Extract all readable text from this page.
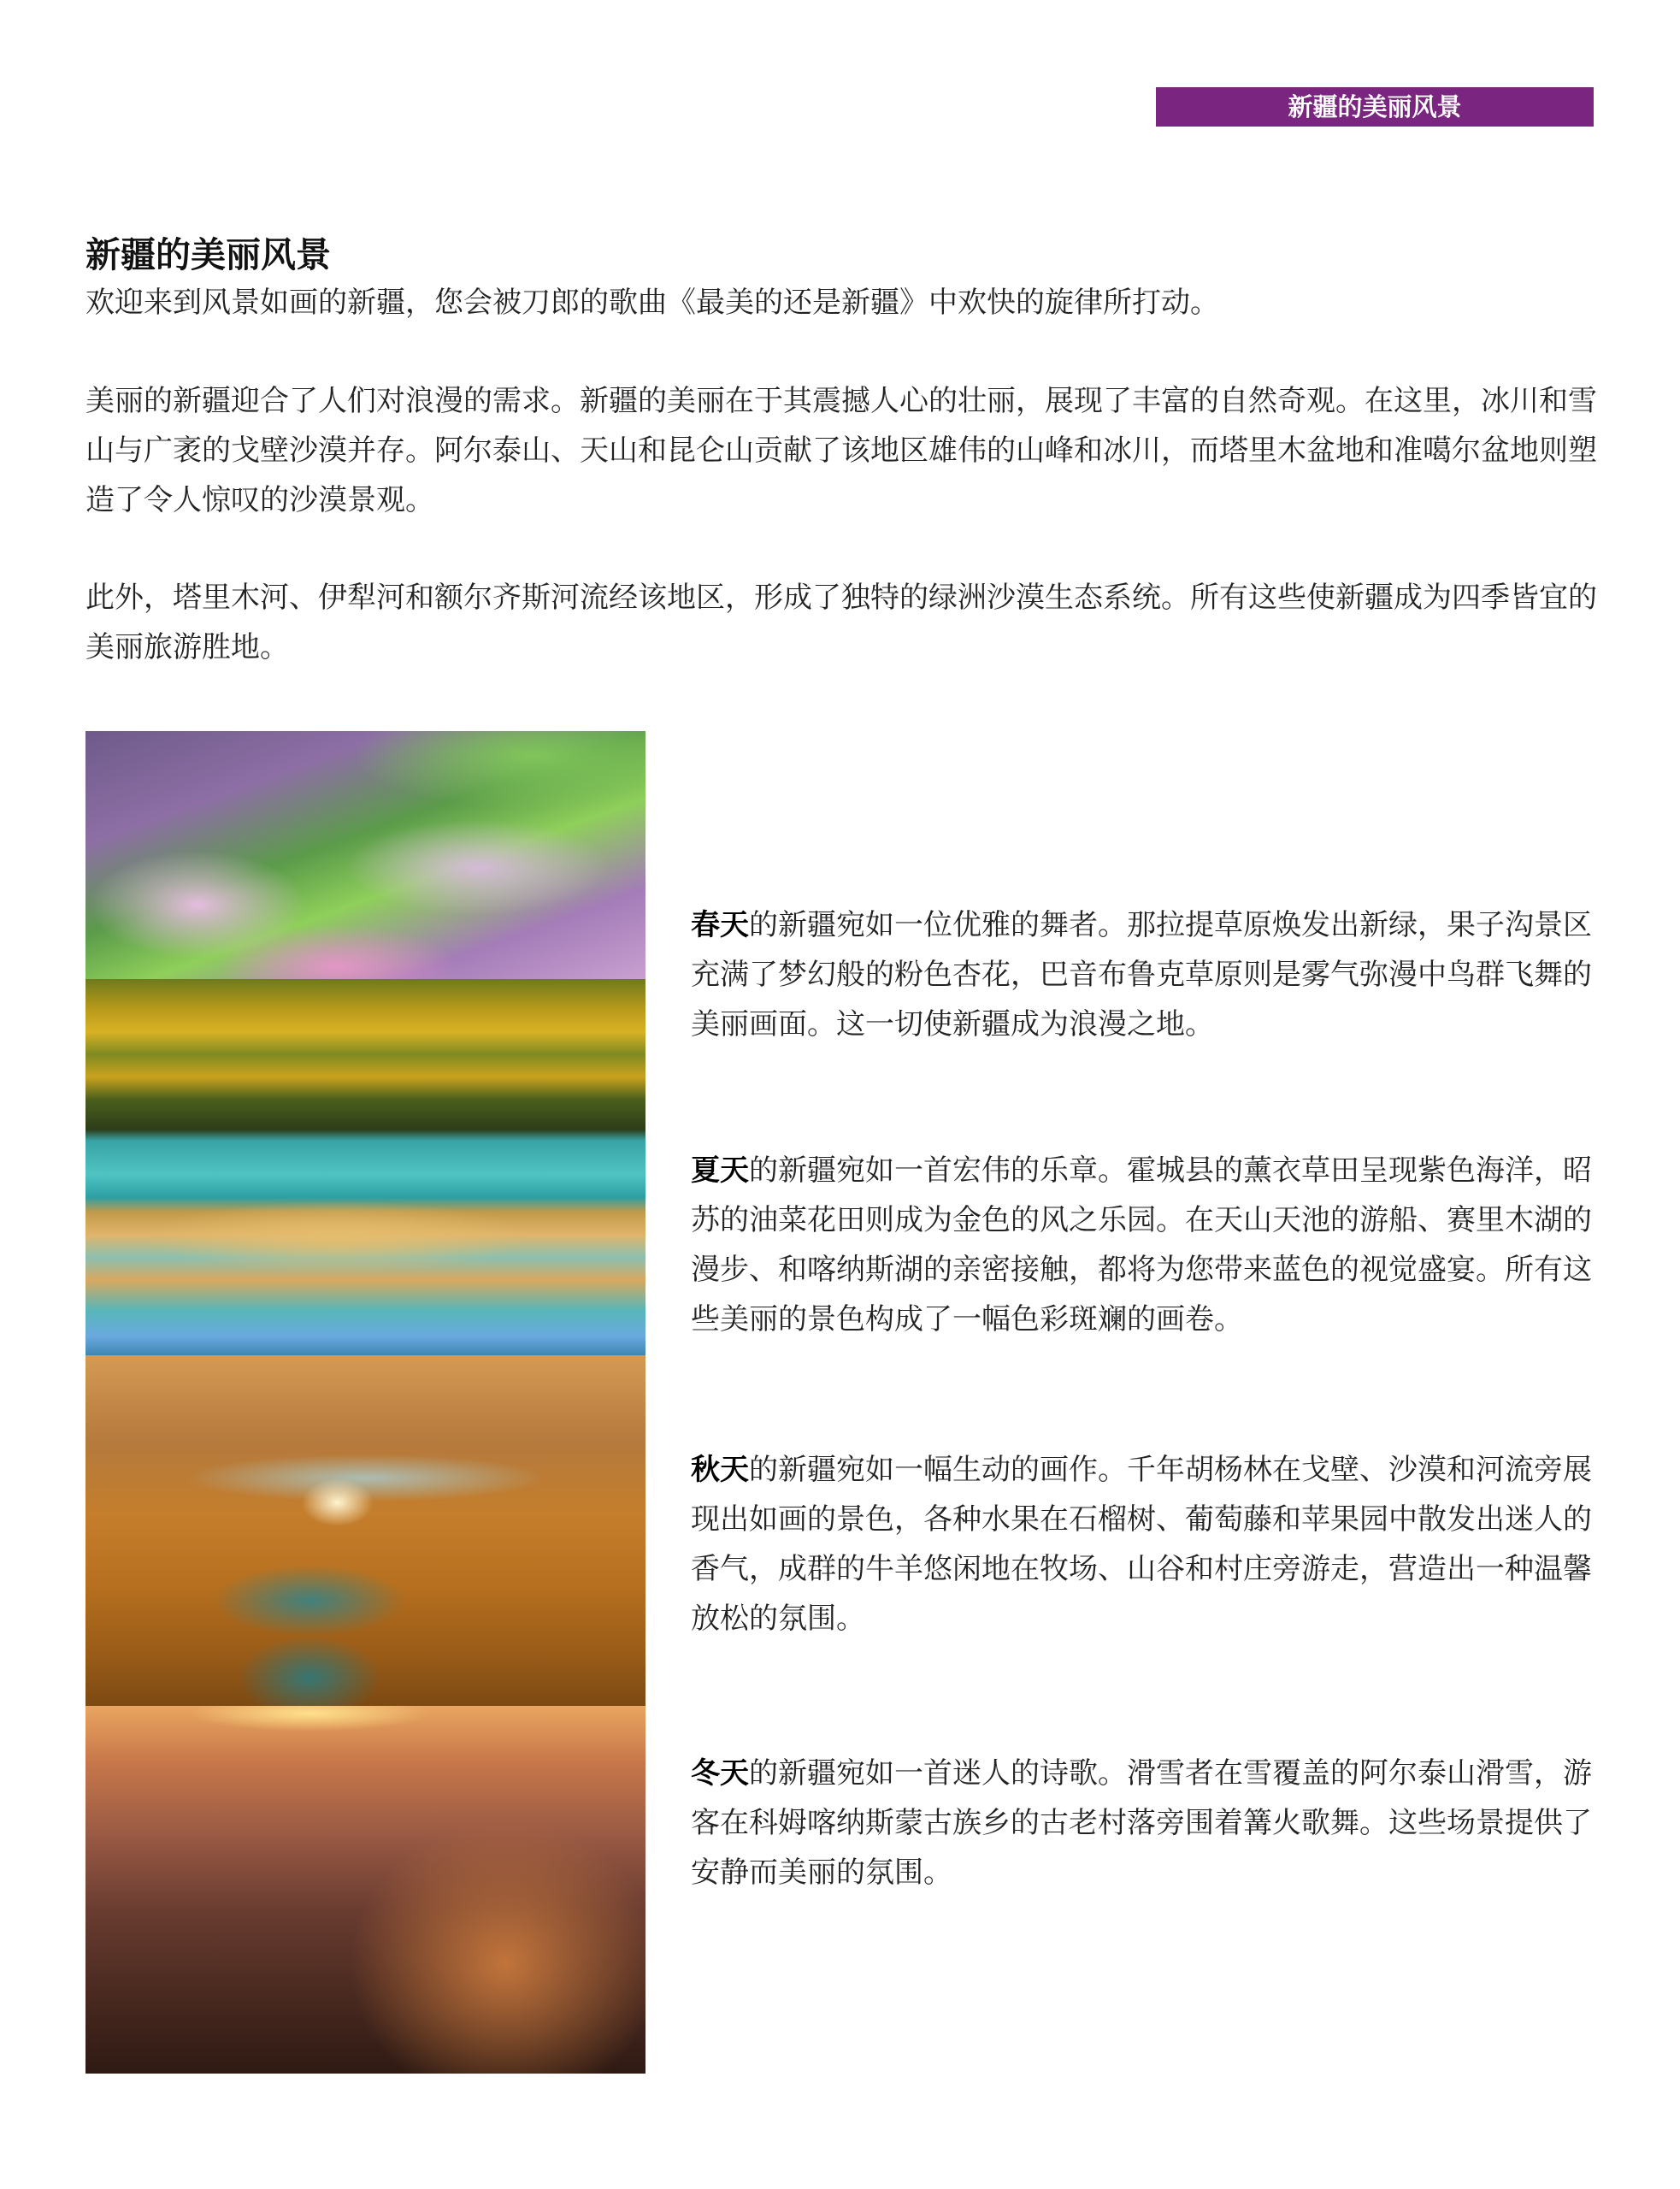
新疆的美丽风景
新疆的美丽风景

欢迎来到风景如画的新疆，您会被刀郎的歌曲《最美的还是新疆》中欢快的旋律所打动。

美丽的新疆迎合了人们对浪漫的需求。新疆的美丽在于其震撼人心的壮丽，展现了丰富的自然奇观。在这里，冰川和雪山与广袤的戈壁沙漠并存。阿尔泰山、天山和昆仑山贡献了该地区雄伟的山峰和冰川，而塔里木盆地和准噶尔盆地则塑造了令人惊叹的沙漠景观。

此外，塔里木河、伊犁河和额尔齐斯河流经该地区，形成了独特的绿洲沙漠生态系统。所有这些使新疆成为四季皆宜的美丽旅游胜地。

春天的新疆宛如一位优雅的舞者。那拉提草原焕发出新绿，果子沟景区充满了梦幻般的粉色杏花，巴音布鲁克草原则是雾气弥漫中鸟群飞舞的美丽画面。这一切使新疆成为浪漫之地。

夏天的新疆宛如一首宏伟的乐章。霍城县的薰衣草田呈现紫色海洋，昭苏的油菜花田则成为金色的风之乐园。在天山天池的游船、赛里木湖的漫步、和喀纳斯湖的亲密接触，都将为您带来蓝色的视觉盛宴。所有这些美丽的景色构成了一幅色彩斑斓的画卷。

秋天的新疆宛如一幅生动的画作。千年胡杨林在戈壁、沙漠和河流旁展现出如画的景色，各种水果在石榴树、葡萄藤和苹果园中散发出迷人的香气，成群的牛羊悠闲地在牧场、山谷和村庄旁游走，营造出一种温馨放松的氛围。

冬天的新疆宛如一首迷人的诗歌。滑雪者在雪覆盖的阿尔泰山滑雪，游客在科姆喀纳斯蒙古族乡的古老村落旁围着篝火歌舞。这些场景提供了安静而美丽的氛围。
